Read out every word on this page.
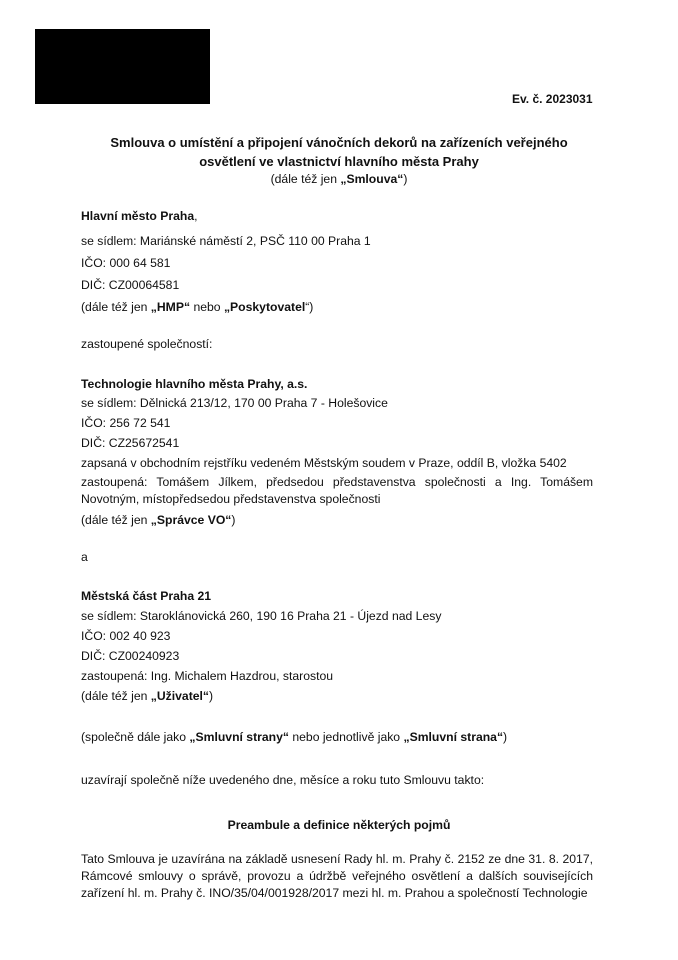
Ev. č. 2023031
Smlouva o umístění a připojení vánočních dekorů na zařízeních veřejného
osvětlení ve vlastnictví hlavního města Prahy
(dále též jen „Smlouva“)
Hlavní město Praha,
se sídlem: Mariánské náměstí 2, PSČ 110 00 Praha 1
IČO: 000 64 581
DIČ: CZ00064581
(dále též jen „HMP“ nebo „Poskytovatel“)
zastoupené společností:
Technologie hlavního města Prahy, a.s.
se sídlem: Dělnická 213/12, 170 00 Praha 7 - Holešovice
IČO: 256 72 541
DIČ: CZ25672541
zapsaná v obchodním rejstříku vedeném Městským soudem v Praze, oddíl B, vložka 5402
zastoupená: Tomášem Jílkem, předsedou představenstva společnosti a Ing. Tomášem Novotným, místopředsedou představenstva společnosti
(dále též jen „Správce VO“)
a
Městská část Praha 21
se sídlem: Staroklánovická 260, 190 16 Praha 21 - Újezd nad Lesy
IČO: 002 40 923
DIČ: CZ00240923
zastoupená: Ing. Michalem Hazdrou, starostou
(dále též jen „Uživatel“)
(společně dále jako „Smluvní strany“ nebo jednotlivě jako „Smluvní strana“)
uzavírají společně níže uvedeného dne, měsíce a roku tuto Smlouvu takto:
Preambule a definice některých pojmů
Tato Smlouva je uzavírána na základě usnesení Rady hl. m. Prahy č. 2152 ze dne 31. 8. 2017, Rámcové smlouvy o správě, provozu a údržbě veřejného osvětlení a dalších souvisejících zařízení hl. m. Prahy č. INO/35/04/001928/2017 mezi hl. m. Prahou a společností Technologie
